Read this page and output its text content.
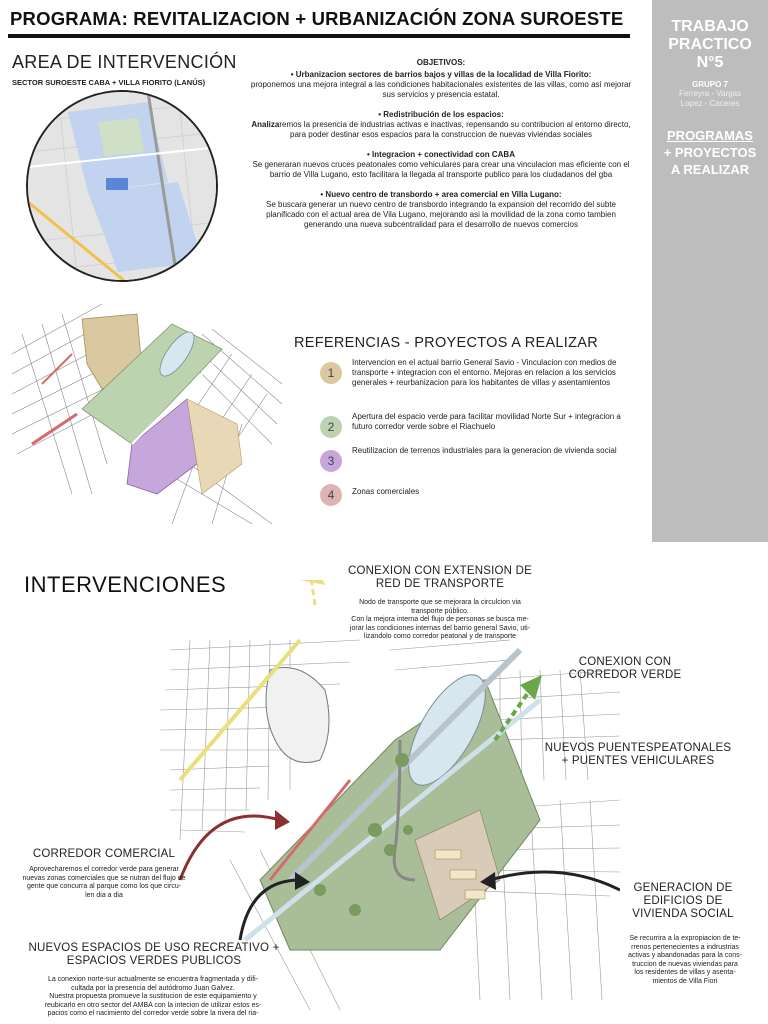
PROGRAMA: REVITALIZACION + URBANIZACIÓN ZONA SUROESTE	TRABAJO
PRACTICO
N°5
GRUPO 7
Ferreyra - Vargas
Lopez - Caceres
PROGRAMAS
+ PROYECTOS
A REALIZAR
AREA DE INTERVENCIÓN
SECTOR SUROESTE CABA + VILLA FIORITO (LANÚS)
OBJETIVOS:
• Urbanizacion sectores de barrios bajos y villas de la localidad de Villa Fiorito:
proponemos una mejora integral a las condiciones habitacionales existentes de las villas, como así mejorar sus servicios y presencia estatal.
• Redistribución de los espacios:
Analizaremos la presencia de industrias activas e inactivas, repensando su contribucion al entorno directo, para poder destinar esos espacios para la construccion de nuevas viviendas sociales
• Integracion + conectividad con CABA
Se generaran nuevos cruces peatonales como vehiculares para crear una vinculacion mas eficiente con el barrio de Villa Lugano, esto facilitara la llegada al transporte publico para los ciudadanos del gba
• Nuevo centro de transbordo + area comercial en Villa Lugano:
Se buscara generar un nuevo centro de transbordo integrando la expansion del recorrido del subte planificado con el actual area de Vila Lugano, mejorando asi la movilidad de la zona como tambien generando una nueva subcentralidad para el desarrollo de nuevos comercios
REFERENCIAS - PROYECTOS A REALIZAR
1
Intervencion en el actual barrio General Savio - Vinculacion con medios de transporte + integracion con el entorno. Mejoras en relacion a los servicios generales + reurbanizacion para los habitantes de villas y asentamientos
2
Apertura del espacio verde para facilitar movilidad Norte Sur + integracion a futuro corredor verde sobre el Riachuelo
3
Reutilizacion de terrenos industriales para la generacion de vivienda social
4	Zonas comerciales
INTERVENCIONES
CONEXION CON EXTENSION DE
RED DE TRANSPORTE
Nodo de transporte que se mejorara la circulcion via
transporte público.
Con la mejora interna del flujo de personas se busca me-
jorar las condiciones internas del barrio general Savio, uti-
lizandolo como corredor peatonal y de transporte
CONEXION CON
CORREDOR VERDE
NUEVOS PUENTESPEATONALES
+ PUENTES VEHICULARES
CORREDOR COMERCIAL
Aprovecharemos el corredor verde para generar
nuevas zonas comerciales que se nutran del flujo de
gente que concurra al parque como los que circu-
len dia a dia
GENERACION DE
EDIFICIOS DE
VIVIENDA SOCIAL
Se recurrira a la expropiacion de te-
rrenos pertenecientes a indrustrias
activas y abandonadas para la cons-
truccion de nuevas viviendas para
los residentes de villas y asenta-
mientos de Villa Fiori
NUEVOS ESPACIOS DE USO RECREATIVO +
ESPACIOS VERDES PUBLICOS
La conexion norte-sur actualmente se encuentra fragmentada y difi-
cultada por la presencia del autódromo Juan Galvez.
Nuestra propuesta promueve la sustitucion de este equipamiento y
reubicarlo en otro sector del AMBA con la intecion de utilizar estos es-
pacios como el nacimiento del corredor verde sobre la rivera del ria-
